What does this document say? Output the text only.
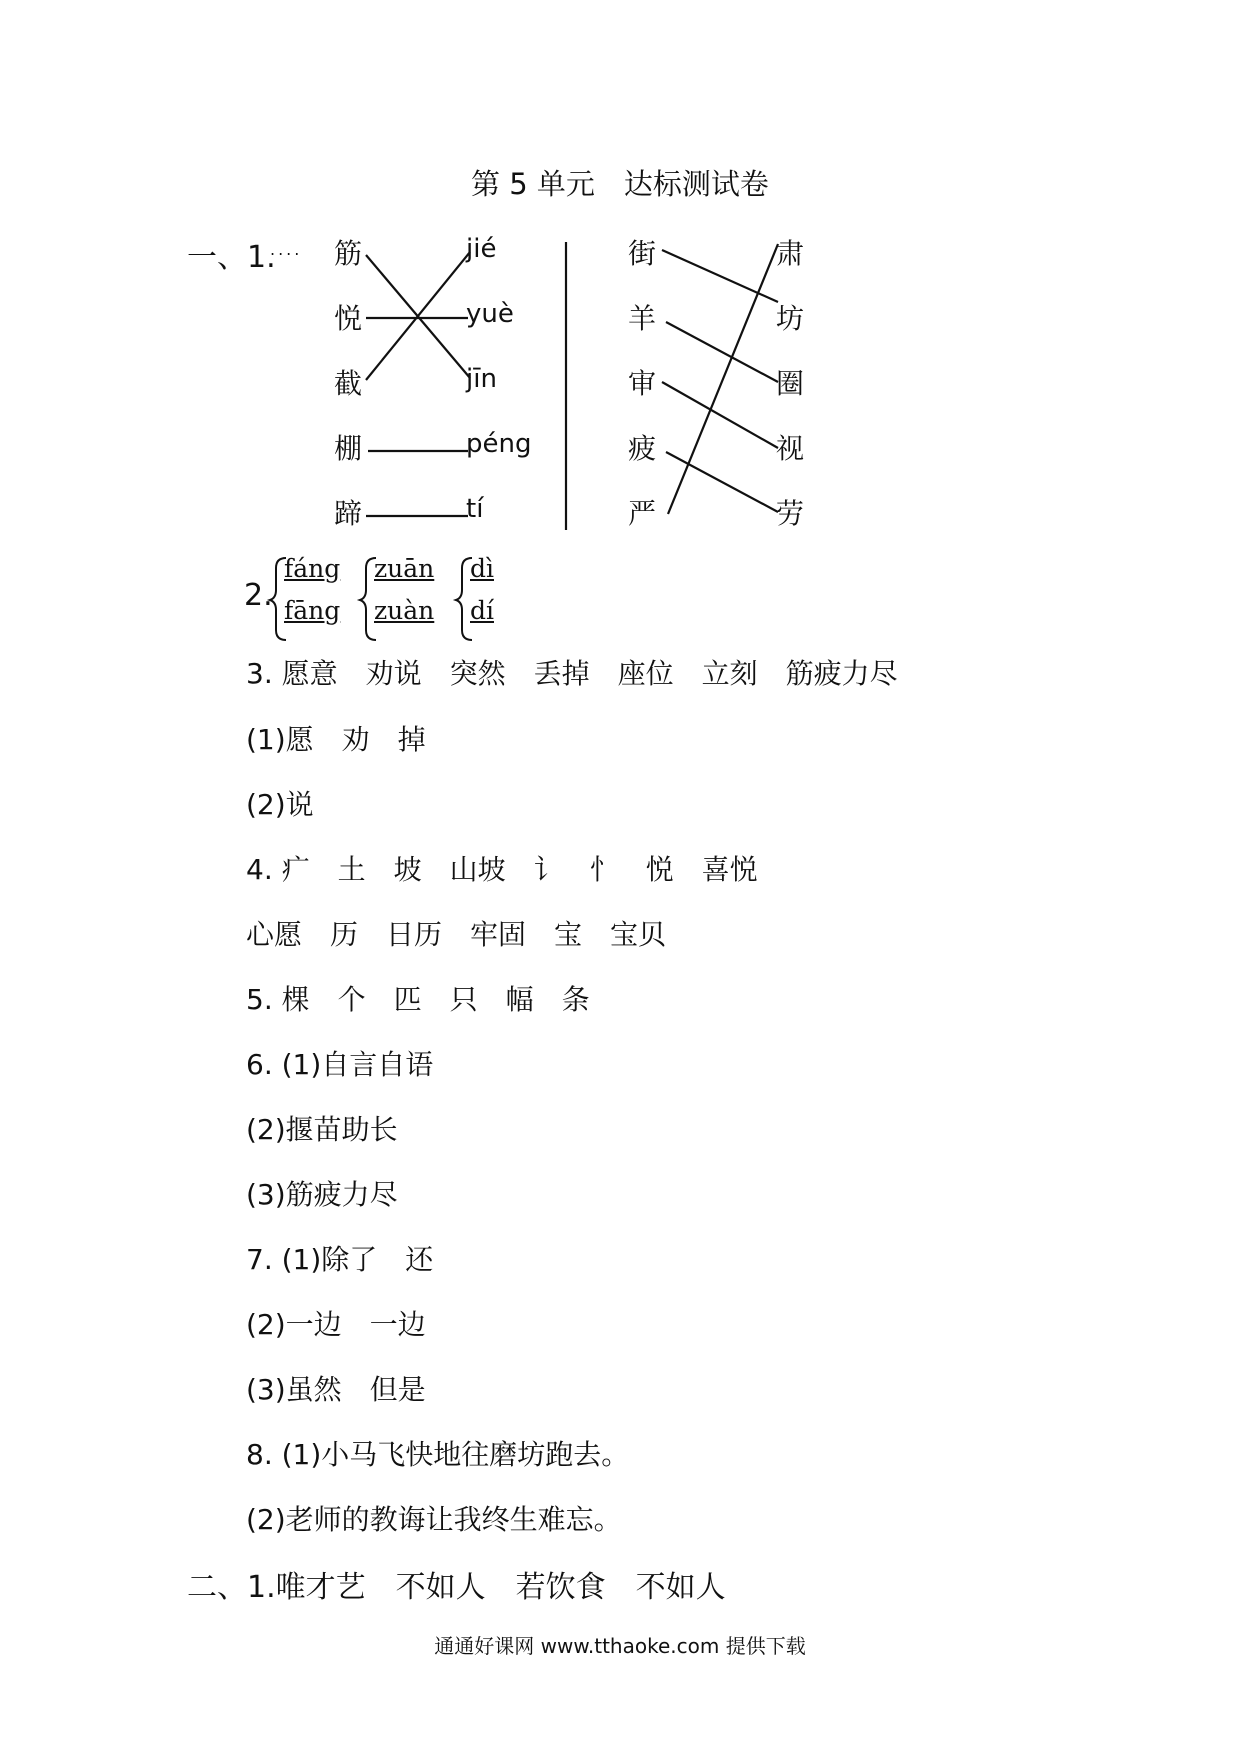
第 5 单元　达标测试卷
一、1.
.... 筋
悦
截
棚
蹄
jié
yuè
jīn
péng
tí
街
羊
审
疲
严
肃
坊
圈
视
劳
2.
fáng
fāng
zuān
zuàn
dì
dí
3. 愿意　劝说　突然　丢掉　座位　立刻　筋疲力尽
(1)愿　劝　掉
(2)说
4. 疒　土　坡　山坡　讠　忄　悦　喜悦
心愿　历　日历　牢固　宝　宝贝
5. 棵　个　匹　只　幅　条
6. (1)自言自语
(2)揠苗助长
(3)筋疲力尽
7. (1)除了　还
(2)一边　一边
(3)虽然　但是
8. (1)小马飞快地往磨坊跑去。
(2)老师的教诲让我终生难忘。
二、1.唯才艺　不如人　若饮食　不如人
通通好课网 www.tthaoke.com 提供下载
